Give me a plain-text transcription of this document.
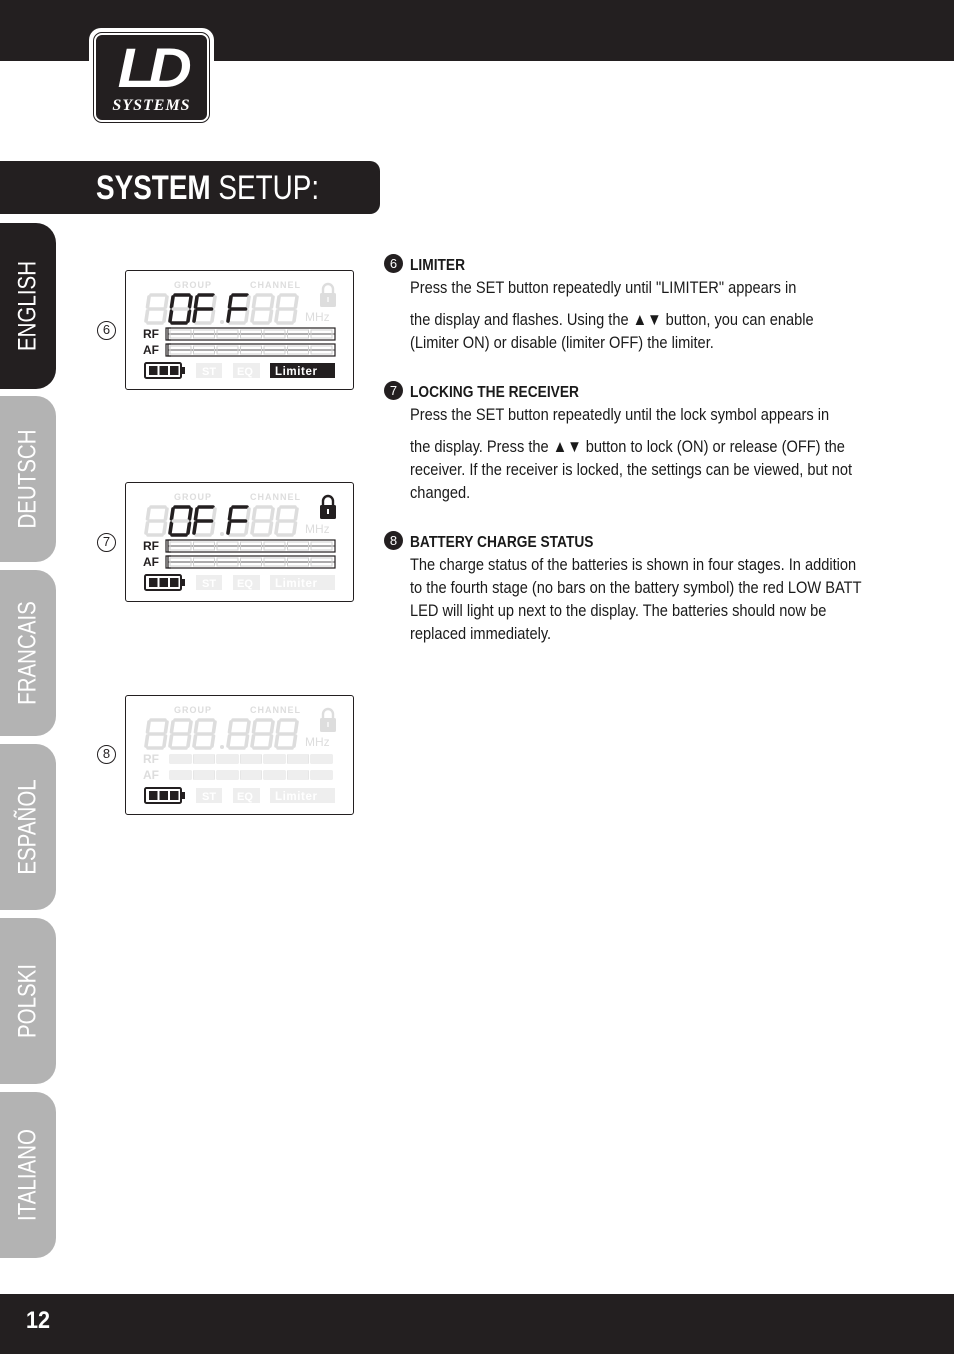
LD
SYSTEMS
SYSTEM SETUP:
ENGLISH
DEUTSCH
FRANCAIS
ESPAÑOL
POLSKI
ITALIANO
6
GROUP	CHANNEL
MHz
RF
AF
ST EQ Limiter
7
GROUP	CHANNEL
MHz
RF
AF
ST EQ Limiter
8
GROUP	CHANNEL
MHz
RF
AF
ST EQ Limiter
6 LIMITER

Press the SET button repeatedly until "LIMITER" appears in

the display and flashes. Using the ▲▼ button, you can enable (Limiter ON) or disable (limiter OFF) the limiter.

7 LOCKING THE RECEIVER

Press the SET button repeatedly until the lock symbol appears in

the display. Press the ▲▼ button to lock (ON) or release (OFF) the receiver. If the receiver is locked, the settings can be viewed, but not changed.

8 BATTERY CHARGE STATUS

The charge status of the batteries is shown in four stages. In addition to the fourth stage (no bars on the battery symbol) the red LOW BATT LED will light up next to the display. The batteries should now be replaced immediately.

12
